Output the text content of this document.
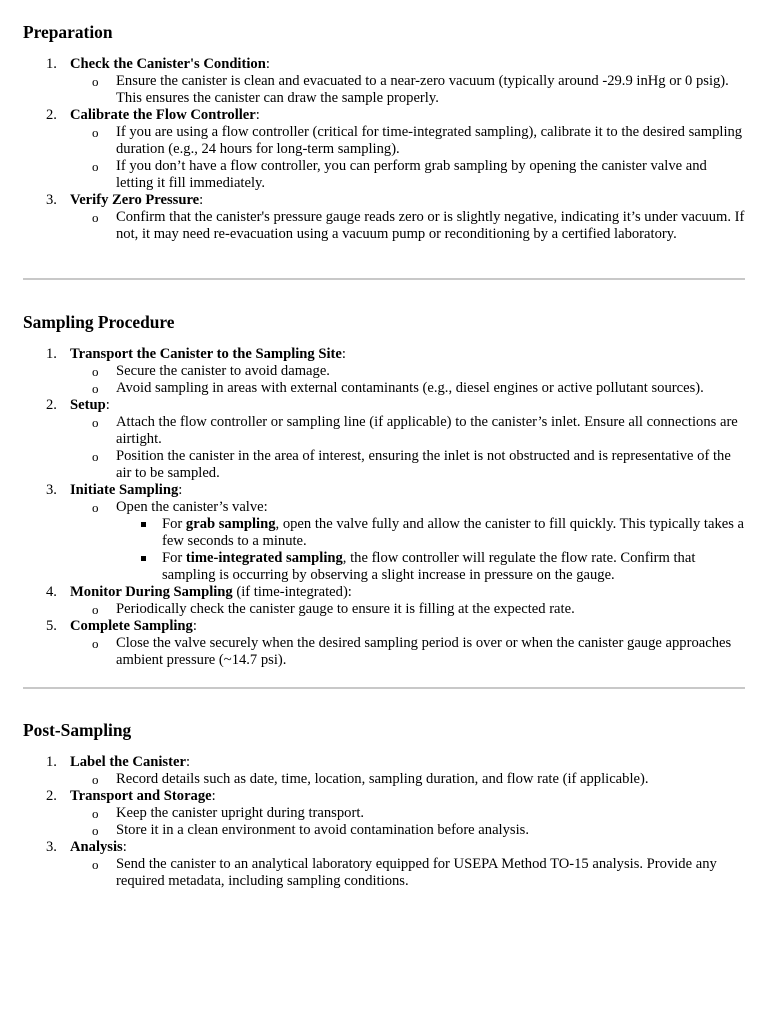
Preparation
1. Check the Canister's Condition:
o Ensure the canister is clean and evacuated to a near-zero vacuum (typically around -29.9 inHg or 0 psig). This ensures the canister can draw the sample properly.
2. Calibrate the Flow Controller:
o If you are using a flow controller (critical for time-integrated sampling), calibrate it to the desired sampling duration (e.g., 24 hours for long-term sampling).
o If you don’t have a flow controller, you can perform grab sampling by opening the canister valve and letting it fill immediately.
3. Verify Zero Pressure:
o Confirm that the canister's pressure gauge reads zero or is slightly negative, indicating it’s under vacuum. If not, it may need re-evacuation using a vacuum pump or reconditioning by a certified laboratory.
Sampling Procedure
1. Transport the Canister to the Sampling Site:
o Secure the canister to avoid damage.
o Avoid sampling in areas with external contaminants (e.g., diesel engines or active pollutant sources).
2. Setup:
o Attach the flow controller or sampling line (if applicable) to the canister’s inlet. Ensure all connections are airtight.
o Position the canister in the area of interest, ensuring the inlet is not obstructed and is representative of the air to be sampled.
3. Initiate Sampling:
o Open the canister’s valve:
For grab sampling, open the valve fully and allow the canister to fill quickly. This typically takes a few seconds to a minute.
For time-integrated sampling, the flow controller will regulate the flow rate. Confirm that sampling is occurring by observing a slight increase in pressure on the gauge.
4. Monitor During Sampling (if time-integrated):
o Periodically check the canister gauge to ensure it is filling at the expected rate.
5. Complete Sampling:
o Close the valve securely when the desired sampling period is over or when the canister gauge approaches ambient pressure (~14.7 psi).
Post-Sampling
1. Label the Canister:
o Record details such as date, time, location, sampling duration, and flow rate (if applicable).
2. Transport and Storage:
o Keep the canister upright during transport.
o Store it in a clean environment to avoid contamination before analysis.
3. Analysis:
o Send the canister to an analytical laboratory equipped for USEPA Method TO-15 analysis. Provide any required metadata, including sampling conditions.
